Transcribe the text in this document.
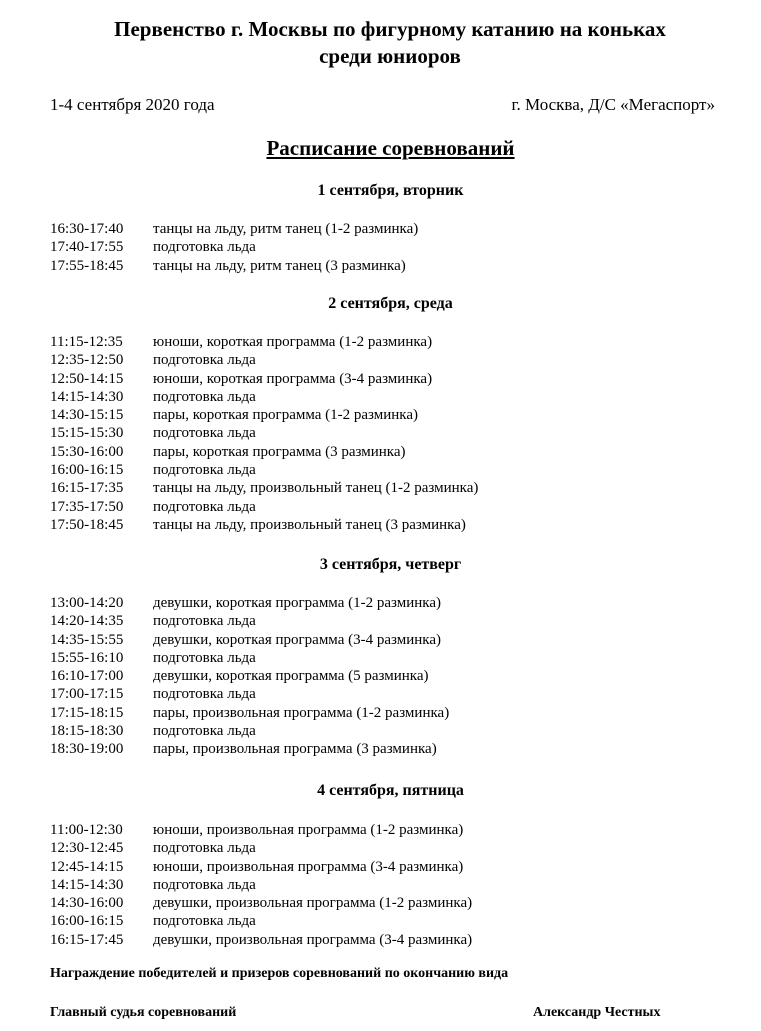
Первенство г. Москвы по фигурному катанию на коньках
среди юниоров
1-4 сентября 2020 года	г. Москва, Д/С «Мегаспорт»
Расписание соревнований
1 сентября, вторник
16:30-17:40 танцы на льду, ритм танец (1-2 разминка)
17:40-17:55 подготовка льда
17:55-18:45 танцы на льду, ритм танец (3 разминка)
2 сентября, среда
11:15-12:35 юноши, короткая программа (1-2 разминка)
12:35-12:50 подготовка льда
12:50-14:15 юноши, короткая программа (3-4 разминка)
14:15-14:30 подготовка льда
14:30-15:15 пары, короткая программа (1-2 разминка)
15:15-15:30 подготовка льда
15:30-16:00 пары, короткая программа (3 разминка)
16:00-16:15 подготовка льда
16:15-17:35 танцы на льду, произвольный танец (1-2 разминка)
17:35-17:50 подготовка льда
17:50-18:45 танцы на льду, произвольный танец (3 разминка)
3 сентября, четверг
13:00-14:20 девушки, короткая программа (1-2 разминка)
14:20-14:35 подготовка льда
14:35-15:55 девушки, короткая программа (3-4 разминка)
15:55-16:10 подготовка льда
16:10-17:00 девушки, короткая программа (5 разминка)
17:00-17:15 подготовка льда
17:15-18:15 пары, произвольная программа (1-2 разминка)
18:15-18:30 подготовка льда
18:30-19:00 пары, произвольная программа (3 разминка)
4 сентября, пятница
11:00-12:30 юноши, произвольная программа (1-2 разминка)
12:30-12:45 подготовка льда
12:45-14:15 юноши, произвольная программа (3-4 разминка)
14:15-14:30 подготовка льда
14:30-16:00 девушки, произвольная программа (1-2 разминка)
16:00-16:15 подготовка льда
16:15-17:45 девушки, произвольная программа (3-4 разминка)
Награждение победителей и призеров соревнований по окончанию вида
Главный судья соревнований	Александр Честных
